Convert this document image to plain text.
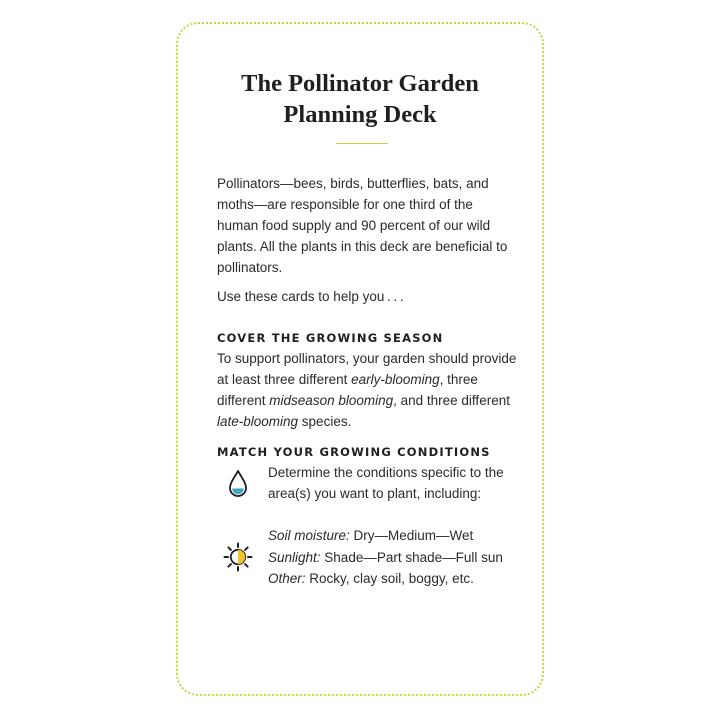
The Pollinator Garden
Planning Deck

Pollinators—bees, birds, butterflies, bats, and moths—are responsible for one third of the human food supply and 90 percent of our wild plants. All the plants in this deck are beneficial to pollinators.

Use these cards to help you . . .

COVER THE GROWING SEASON

To support pollinators, your garden should provide at least three different early-blooming, three different midseason blooming, and three different late-blooming species.

MATCH YOUR GROWING CONDITIONS

Determine the conditions specific to the area(s) you want to plant, including:

Soil moisture: Dry—Medium—Wet
Sunlight: Shade—Part shade—Full sun
Other: Rocky, clay soil, boggy, etc.
